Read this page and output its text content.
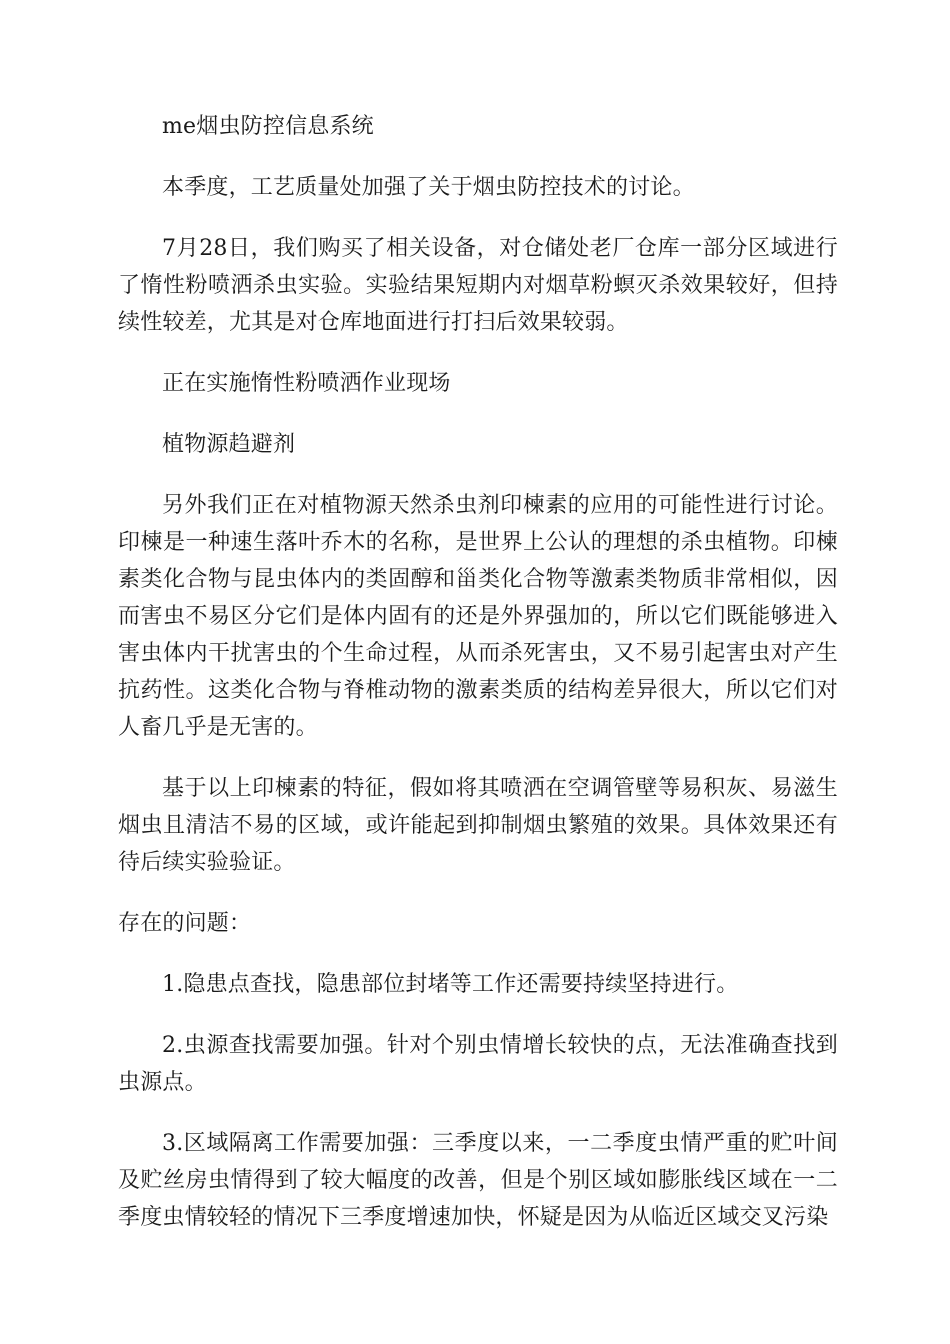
me烟虫防控信息系统

本季度，工艺质量处加强了关于烟虫防控技术的讨论。

7月28日，我们购买了相关设备，对仓储处老厂仓库一部分区域进行了惰性粉喷洒杀虫实验。实验结果短期内对烟草粉螟灭杀效果较好，但持续性较差，尤其是对仓库地面进行打扫后效果较弱。

正在实施惰性粉喷洒作业现场

植物源趋避剂

另外我们正在对植物源天然杀虫剂印楝素的应用的可能性进行讨论。印楝是一种速生落叶乔木的名称，是世界上公认的理想的杀虫植物。印楝素类化合物与昆虫体内的类固醇和甾类化合物等激素类物质非常相似，因而害虫不易区分它们是体内固有的还是外界强加的，所以它们既能够进入害虫体内干扰害虫的个生命过程，从而杀死害虫，又不易引起害虫对产生抗药性。这类化合物与脊椎动物的激素类质的结构差异很大，所以它们对人畜几乎是无害的。

基于以上印楝素的特征，假如将其喷洒在空调管壁等易积灰、易滋生烟虫且清洁不易的区域，或许能起到抑制烟虫繁殖的效果。具体效果还有待后续实验验证。

存在的问题：

1.隐患点查找，隐患部位封堵等工作还需要持续坚持进行。

2.虫源查找需要加强。针对个别虫情增长较快的点，无法准确查找到虫源点。

3.区域隔离工作需要加强：三季度以来，一二季度虫情严重的贮叶间及贮丝房虫情得到了较大幅度的改善，但是个别区域如膨胀线区域在一二季度虫情较轻的情况下三季度增速加快，怀疑是因为从临近区域交叉污染
